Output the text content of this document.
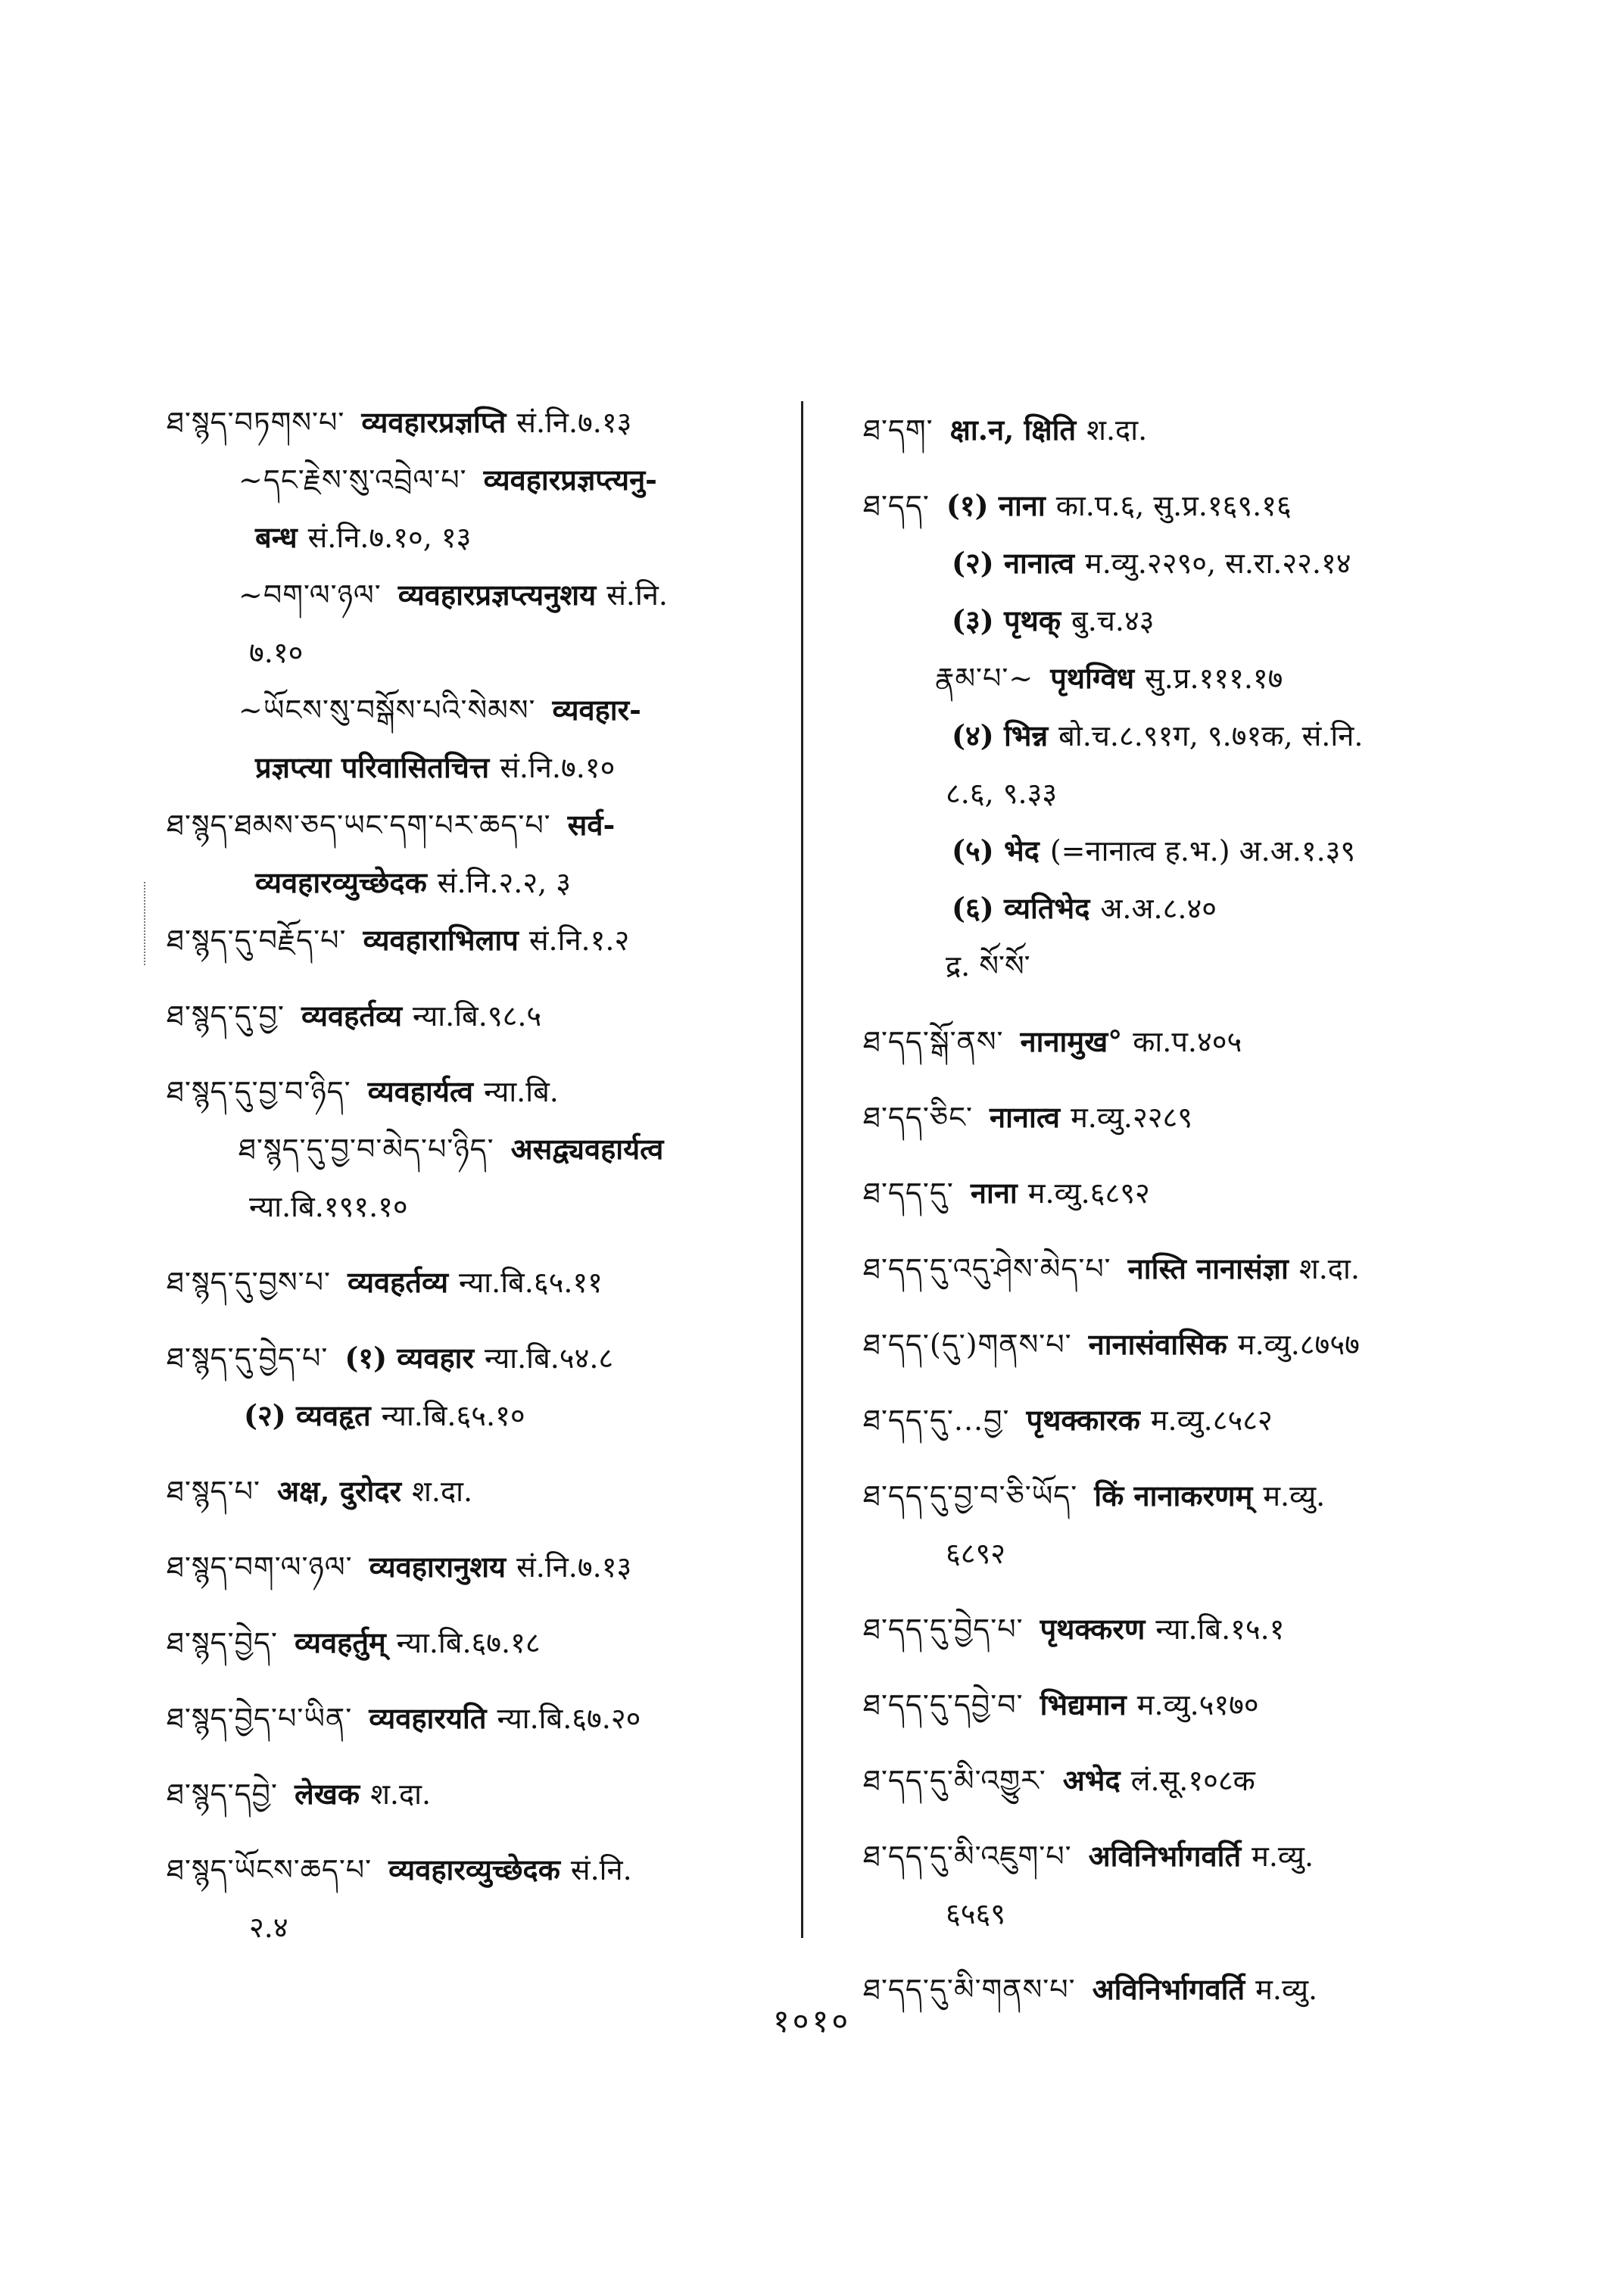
ཐ་སྙད་བཏགས་པ་ व्यवहारप्रज्ञप्ति सं.नि.७.१३
~དང་རྗེས་སུ་འབྲེལ་པ་ व्यवहारप्रज्ञप्त्यनु-
बन्ध सं.नि.७.१०, १३
~བག་ལ་ཉལ་ व्यवहारप्रज्ञप्त्यनुशय सं.नि.
७.१०
~ཡོངས་སུ་བསྒོས་པའི་སེམས་ व्यवहार-
प्रज्ञप्त्या परिवासितचित्त सं.नि.७.१०
ཐ་སྙད་ཐམས་ཅད་ཡང་དག་པར་ཆད་པ་ सर्व-
व्यवहारव्युच्छेदक सं.नि.२.२, ३
ཐ་སྙད་དུ་བརྗོད་པ་ व्यवहाराभिलाप सं.नि.१.२
ཐ་སྙད་དུ་བྱ་ व्यवहर्तव्य न्या.बि.९८.५
ཐ་སྙད་དུ་བྱ་བ་ཉིད་ व्यवहार्यत्व न्या.बि.
ཐ་སྙད་དུ་བྱ་བ་མེད་པ་ཉིད་ असद्व्यवहार्यत्व
न्या.बि.१९१.१०
ཐ་སྙད་དུ་བྱས་པ་ व्यवहर्तव्य न्या.बि.६५.११
ཐ་སྙད་དུ་བྱེད་པ་ (१) व्यवहार न्या.बि.५४.८
(२) व्यवहृत न्या.बि.६५.१०
ཐ་སྙད་པ་ अक्ष, दुरोदर श.दा.
ཐ་སྙད་བག་ལ་ཉལ་ व्यवहारानुशय सं.नि.७.१३
ཐ་སྙད་བྱེད་ व्यवहर्तुम् न्या.बि.६७.१८
ཐ་སྙད་བྱེད་པ་ཡིན་ व्यवहारयति न्या.बि.६७.२०
ཐ་སྙད་དབྱེ་ लेखक श.दा.
ཐ་སྙད་ཡོངས་ཆད་པ་ व्यवहारव्युच्छेदक सं.नि.
२.४
ཐ་དག་ क्षा.न, क्षिति श.दा.
ཐ་དད་ (१) नाना का.प.६, सु.प्र.१६९.१६
(२) नानात्व म.व्यु.२२९०, स.रा.२२.१४
(३) पृथक् बु.च.४३
རྣམ་པ་~ पृथग्विध सु.प्र.१११.१७
(४) भिन्न बो.च.८.९१ग, ९.७१क, सं.नि.
८.६, ९.३३
(५) भेद (=नानात्व ह.भ.) अ.अ.१.३९
(६) व्यतिभेद अ.अ.८.४०
द्र. སོ་སོ་
ཐ་དད་སྒོ་ནས་ नानामुख° का.प.४०५
ཐ་དད་ཅིང་ नानात्व म.व्यु.२२८९
ཐ་དད་དུ་ नाना म.व्यु.६८९२
ཐ་དད་དུ་འདུ་ཤེས་མེད་པ་ नास्ति नानासंज्ञा श.दा.
ཐ་དད་(དུ་)གནས་པ་ नानासंवासिक म.व्यु.८७५७
ཐ་དད་དུ་...བྱ་ पृथक्कारक म.व्यु.८५८२
ཐ་དད་དུ་བྱ་བ་ཅི་ཡོད་ किं नानाकरणम् म.व्यु.
६८९२
ཐ་དད་དུ་བྱེད་པ་ पृथक्करण न्या.बि.१५.१
ཐ་དད་དུ་དབྱེ་བ་ भिद्यमान म.व्यु.५१७०
ཐ་དད་དུ་མི་འགྱུར་ अभेद लं.सू.१०८क
ཐ་དད་དུ་མི་འཇུག་པ་ अविनिर्भागवर्ति म.व्यु.
६५६९
ཐ་དད་དུ་མི་གནས་པ་ अविनिर्भागवर्ति म.व्यु.
१०१०
